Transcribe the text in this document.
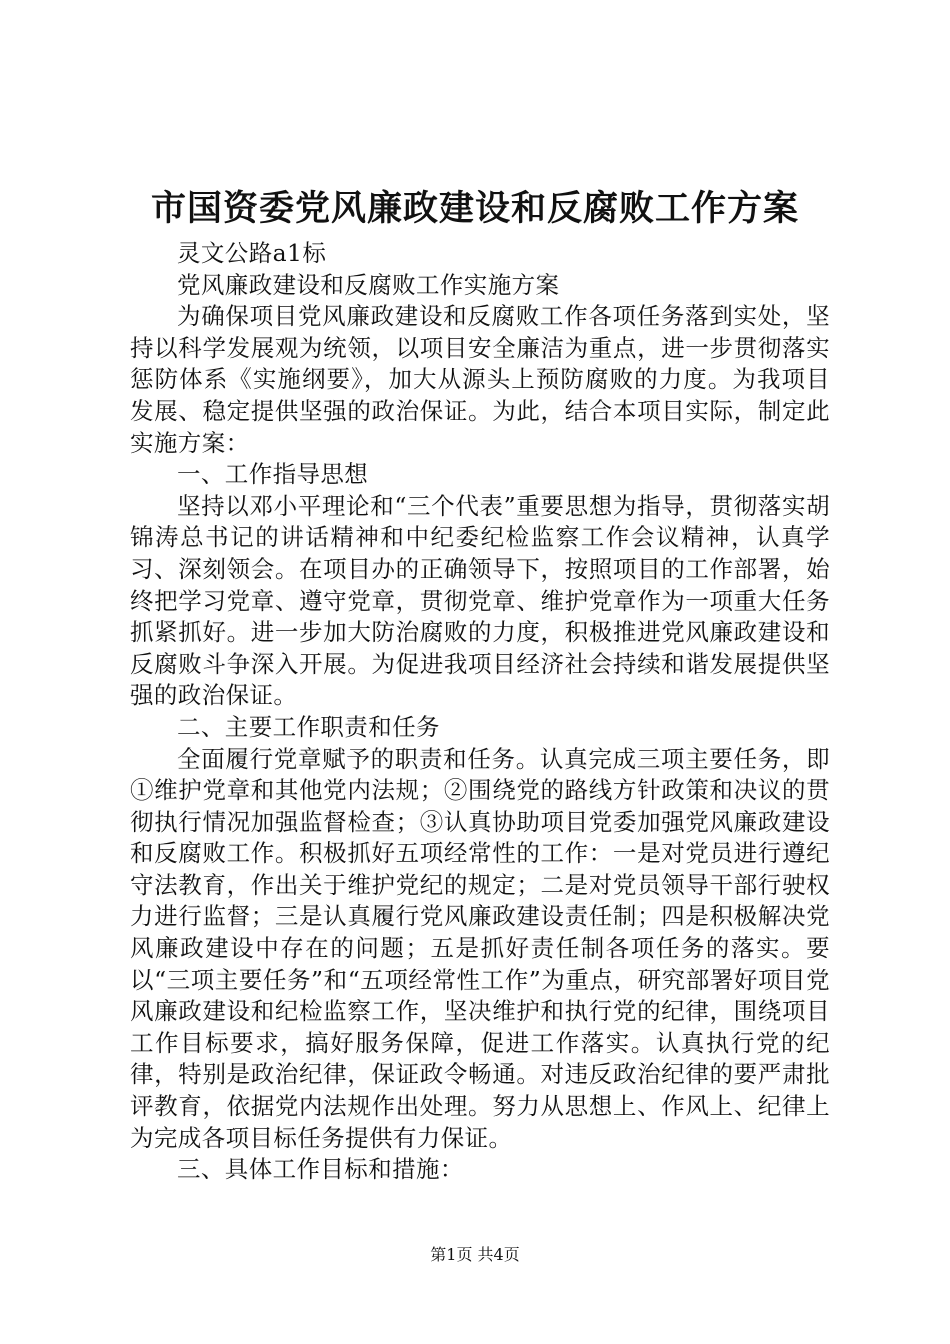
市国资委党风廉政建设和反腐败工作方案

灵文公路a1标

党风廉政建设和反腐败工作实施方案

为确保项目党风廉政建设和反腐败工作各项任务落到实处，坚持以科学发展观为统领，以项目安全廉洁为重点，进一步贯彻落实惩防体系《实施纲要》，加大从源头上预防腐败的力度。为我项目发展、稳定提供坚强的政治保证。为此，结合本项目实际，制定此实施方案：

一、工作指导思想

坚持以邓小平理论和“三个代表”重要思想为指导，贯彻落实胡锦涛总书记的讲话精神和中纪委纪检监察工作会议精神，认真学习、深刻领会。在项目办的正确领导下，按照项目的工作部署，始终把学习党章、遵守党章，贯彻党章、维护党章作为一项重大任务抓紧抓好。进一步加大防治腐败的力度，积极推进党风廉政建设和反腐败斗争深入开展。为促进我项目经济社会持续和谐发展提供坚强的政治保证。

二、主要工作职责和任务

全面履行党章赋予的职责和任务。认真完成三项主要任务，即①维护党章和其他党内法规；②围绕党的路线方针政策和决议的贯彻执行情况加强监督检查；③认真协助项目党委加强党风廉政建设和反腐败工作。积极抓好五项经常性的工作：一是对党员进行遵纪守法教育，作出关于维护党纪的规定；二是对党员领导干部行驶权力进行监督；三是认真履行党风廉政建设责任制；四是积极解决党风廉政建设中存在的问题；五是抓好责任制各项任务的落实。要以“三项主要任务”和“五项经常性工作”为重点，研究部署好项目党风廉政建设和纪检监察工作，坚决维护和执行党的纪律，围绕项目工作目标要求，搞好服务保障，促进工作落实。认真执行党的纪律，特别是政治纪律，保证政令畅通。对违反政治纪律的要严肃批评教育，依据党内法规作出处理。努力从思想上、作风上、纪律上为完成各项目标任务提供有力保证。

三、具体工作目标和措施：

第1页 共4页
